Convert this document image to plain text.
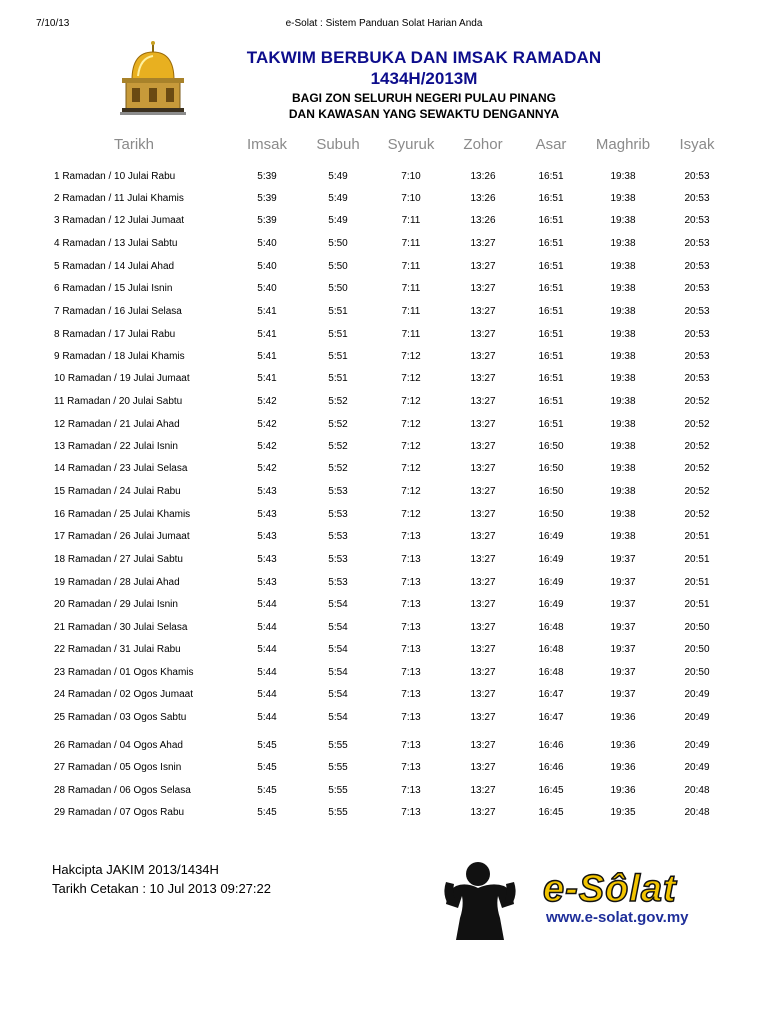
7/10/13	e-Solat : Sistem Panduan Solat Harian Anda
TAKWIM BERBUKA DAN IMSAK RAMADAN
1434H/2013M
BAGI ZON SELURUH NEGERI PULAU PINANG
DAN KAWASAN YANG SEWAKTU DENGANNYA
Tarikh	Imsak	Subuh	Syuruk	Zohor	Asar	Maghrib	Isyak
1 Ramadan / 10 Julai Rabu	5:39	5:49	7:10	13:26	16:51	19:38	20:53
2 Ramadan / 11 Julai Khamis	5:39	5:49	7:10	13:26	16:51	19:38	20:53
3 Ramadan / 12 Julai Jumaat	5:39	5:49	7:11	13:26	16:51	19:38	20:53
4 Ramadan / 13 Julai Sabtu	5:40	5:50	7:11	13:27	16:51	19:38	20:53
5 Ramadan / 14 Julai Ahad	5:40	5:50	7:11	13:27	16:51	19:38	20:53
6 Ramadan / 15 Julai Isnin	5:40	5:50	7:11	13:27	16:51	19:38	20:53
7 Ramadan / 16 Julai Selasa	5:41	5:51	7:11	13:27	16:51	19:38	20:53
8 Ramadan / 17 Julai Rabu	5:41	5:51	7:11	13:27	16:51	19:38	20:53
9 Ramadan / 18 Julai Khamis	5:41	5:51	7:12	13:27	16:51	19:38	20:53
10 Ramadan / 19 Julai Jumaat	5:41	5:51	7:12	13:27	16:51	19:38	20:53
11 Ramadan / 20 Julai Sabtu	5:42	5:52	7:12	13:27	16:51	19:38	20:52
12 Ramadan / 21 Julai Ahad	5:42	5:52	7:12	13:27	16:51	19:38	20:52
13 Ramadan / 22 Julai Isnin	5:42	5:52	7:12	13:27	16:50	19:38	20:52
14 Ramadan / 23 Julai Selasa	5:42	5:52	7:12	13:27	16:50	19:38	20:52
15 Ramadan / 24 Julai Rabu	5:43	5:53	7:12	13:27	16:50	19:38	20:52
16 Ramadan / 25 Julai Khamis	5:43	5:53	7:12	13:27	16:50	19:38	20:52
17 Ramadan / 26 Julai Jumaat	5:43	5:53	7:13	13:27	16:49	19:38	20:51
18 Ramadan / 27 Julai Sabtu	5:43	5:53	7:13	13:27	16:49	19:37	20:51
19 Ramadan / 28 Julai Ahad	5:43	5:53	7:13	13:27	16:49	19:37	20:51
20 Ramadan / 29 Julai Isnin	5:44	5:54	7:13	13:27	16:49	19:37	20:51
21 Ramadan / 30 Julai Selasa	5:44	5:54	7:13	13:27	16:48	19:37	20:50
22 Ramadan / 31 Julai Rabu	5:44	5:54	7:13	13:27	16:48	19:37	20:50
23 Ramadan / 01 Ogos Khamis	5:44	5:54	7:13	13:27	16:48	19:37	20:50
24 Ramadan / 02 Ogos Jumaat	5:44	5:54	7:13	13:27	16:47	19:37	20:49
25 Ramadan / 03 Ogos Sabtu	5:44	5:54	7:13	13:27	16:47	19:36	20:49
26 Ramadan / 04 Ogos Ahad	5:45	5:55	7:13	13:27	16:46	19:36	20:49
27 Ramadan / 05 Ogos Isnin	5:45	5:55	7:13	13:27	16:46	19:36	20:49
28 Ramadan / 06 Ogos Selasa	5:45	5:55	7:13	13:27	16:45	19:36	20:48
29 Ramadan / 07 Ogos Rabu	5:45	5:55	7:13	13:27	16:45	19:35	20:48
Hakcipta JAKIM 2013/1434H
Tarikh Cetakan : 10 Jul 2013 09:27:22	e-Sôlat
www.e-solat.gov.my
